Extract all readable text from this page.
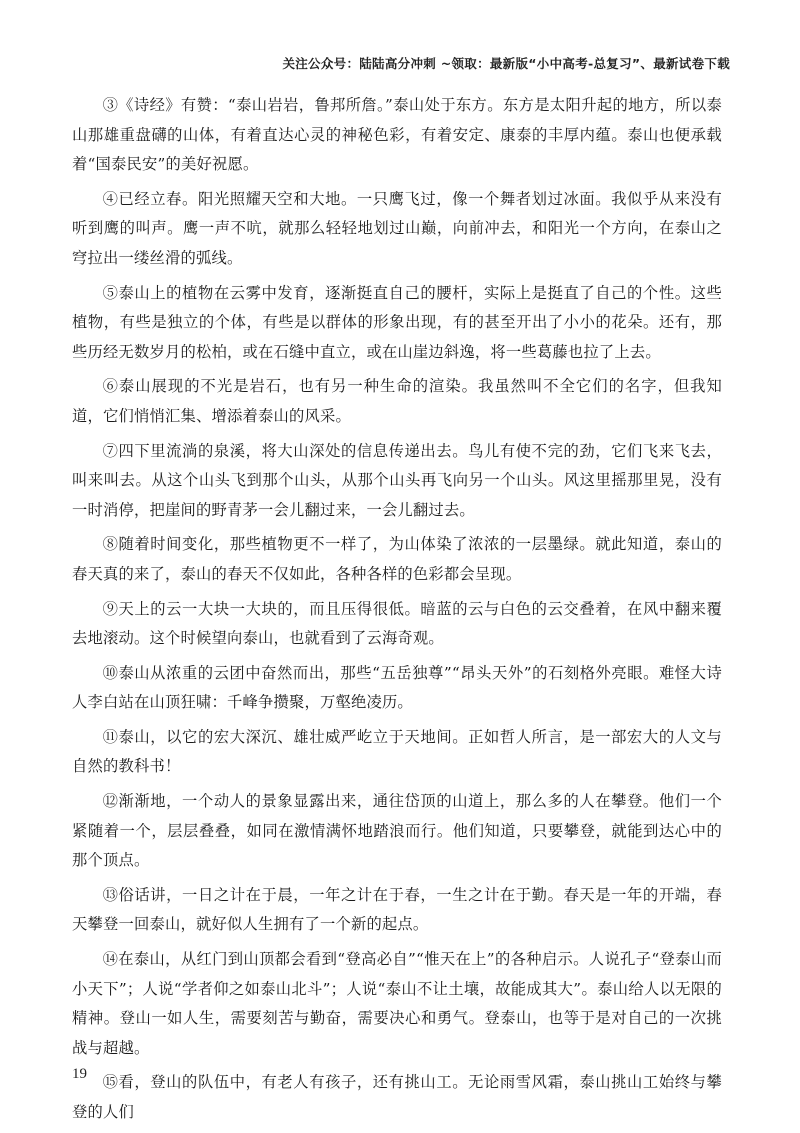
关注公众号：陆陆高分冲刺 ~领取：最新版“小中高考-总复习”、最新试卷下载

③《诗经》有赞：“泰山岩岩，鲁邦所詹。”泰山处于东方。东方是太阳升起的地方，所以泰山那雄重盘礴的山体，有着直达心灵的神秘色彩，有着安定、康泰的丰厚内蕴。泰山也便承载着“国泰民安”的美好祝愿。

④已经立春。阳光照耀天空和大地。一只鹰飞过，像一个舞者划过冰面。我似乎从来没有听到鹰的叫声。鹰一声不吭，就那么轻轻地划过山巅，向前冲去，和阳光一个方向，在泰山之穹拉出一缕丝滑的弧线。

⑤泰山上的植物在云雾中发育，逐渐挺直自己的腰杆，实际上是挺直了自己的个性。这些植物，有些是独立的个体，有些是以群体的形象出现，有的甚至开出了小小的花朵。还有，那些历经无数岁月的松柏，或在石缝中直立，或在山崖边斜逸，将一些葛藤也拉了上去。

⑥泰山展现的不光是岩石，也有另一种生命的渲染。我虽然叫不全它们的名字，但我知道，它们悄悄汇集、增添着泰山的风采。

⑦四下里流淌的泉溪，将大山深处的信息传递出去。鸟儿有使不完的劲，它们飞来飞去，叫来叫去。从这个山头飞到那个山头，从那个山头再飞向另一个山头。风这里摇那里晃，没有一时消停，把崖间的野青茅一会儿翻过来，一会儿翻过去。

⑧随着时间变化，那些植物更不一样了，为山体染了浓浓的一层墨绿。就此知道，泰山的春天真的来了，泰山的春天不仅如此，各种各样的色彩都会呈现。

⑨天上的云一大块一大块的，而且压得很低。暗蓝的云与白色的云交叠着，在风中翻来覆去地滚动。这个时候望向泰山，也就看到了云海奇观。

⑩泰山从浓重的云团中奋然而出，那些“五岳独尊”“昂头天外”的石刻格外亮眼。难怪大诗人李白站在山顶狂啸：千峰争攒聚，万壑绝凌历。

⑪泰山，以它的宏大深沉、雄壮威严屹立于天地间。正如哲人所言，是一部宏大的人文与自然的教科书！

⑫渐渐地，一个动人的景象显露出来，通往岱顶的山道上，那么多的人在攀登。他们一个紧随着一个，层层叠叠，如同在激情满怀地踏浪而行。他们知道，只要攀登，就能到达心中的那个顶点。

⑬俗话讲，一日之计在于晨，一年之计在于春，一生之计在于勤。春天是一年的开端，春天攀登一回泰山，就好似人生拥有了一个新的起点。

⑭在泰山，从红门到山顶都会看到“登高必自”“惟天在上”的各种启示。人说孔子“登泰山而小天下”；人说“学者仰之如泰山北斗”；人说“泰山不让土壤，故能成其大”。泰山给人以无限的精神。登山一如人生，需要刻苦与勤奋，需要决心和勇气。登泰山，也等于是对自己的一次挑战与超越。

⑮看，登山的队伍中，有老人有孩子，还有挑山工。无论雨雪风霜，泰山挑山工始终与攀登的人们

19
